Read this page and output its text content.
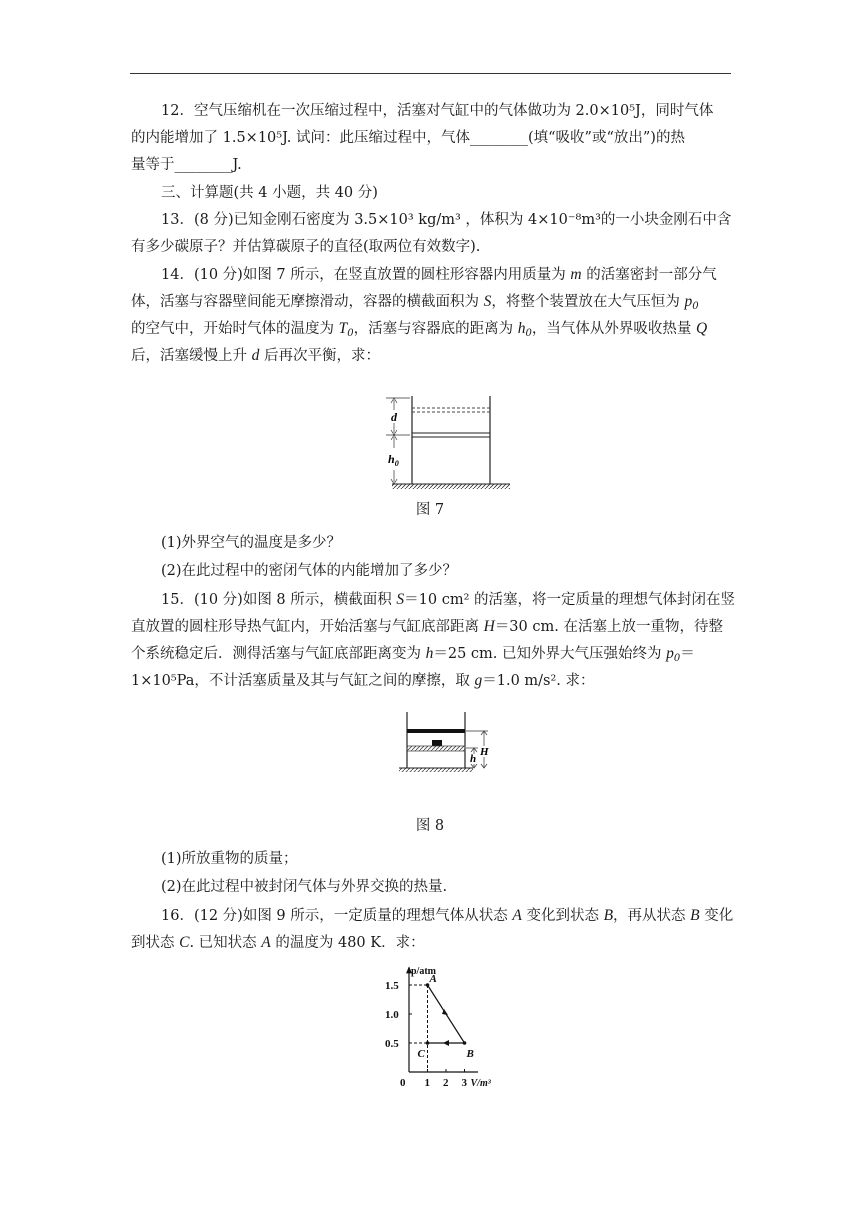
12．空气压缩机在一次压缩过程中，活塞对气缸中的气体做功为 2.0×10⁵J，同时气体
的内能增加了 1.5×10⁵J. 试问：此压缩过程中，气体________(填“吸收”或“放出”)的热
量等于________J.
三、计算题(共 4 小题，共 40 分)
13．(8 分)已知金刚石密度为 3.5×10³ kg/m³ ，体积为 4×10⁻⁸m³的一小块金刚石中含
有多少碳原子？并估算碳原子的直径(取两位有效数字).
14．(10 分)如图 7 所示，在竖直放置的圆柱形容器内用质量为 m 的活塞密封一部分气
体，活塞与容器壁间能无摩擦滑动，容器的横截面积为 S，将整个装置放在大气压恒为 $p_0$
的空气中，开始时气体的温度为 $T_0$，活塞与容器底的距离为 $h_0$，当气体从外界吸收热量 Q
后，活塞缓慢上升 d 后再次平衡，求：
d
$h_0$
图 7
(1)外界空气的温度是多少？
(2)在此过程中的密闭气体的内能增加了多少？
15．(10 分)如图 8 所示，横截面积 S＝10 cm² 的活塞，将一定质量的理想气体封闭在竖
直放置的圆柱形导热气缸内，开始活塞与气缸底部距离 H＝30 cm. 在活塞上放一重物，待整
个系统稳定后．测得活塞与气缸底部距离变为 h＝25 cm. 已知外界大气压强始终为 $p_0=$
1×10⁵Pa，不计活塞质量及其与气缸之间的摩擦，取 g＝1.0 m/s². 求：
H
h
图 8
(1)所放重物的质量；
(2)在此过程中被封闭气体与外界交换的热量.
16．(12 分)如图 9 所示，一定质量的理想气体从状态 A 变化到状态 B，再从状态 B 变化
到状态 C. 已知状态 A 的温度为 480 K．求：
p/atm
V/m³
0.5
1.0
1.5
0 1 2 3
A
B
C
